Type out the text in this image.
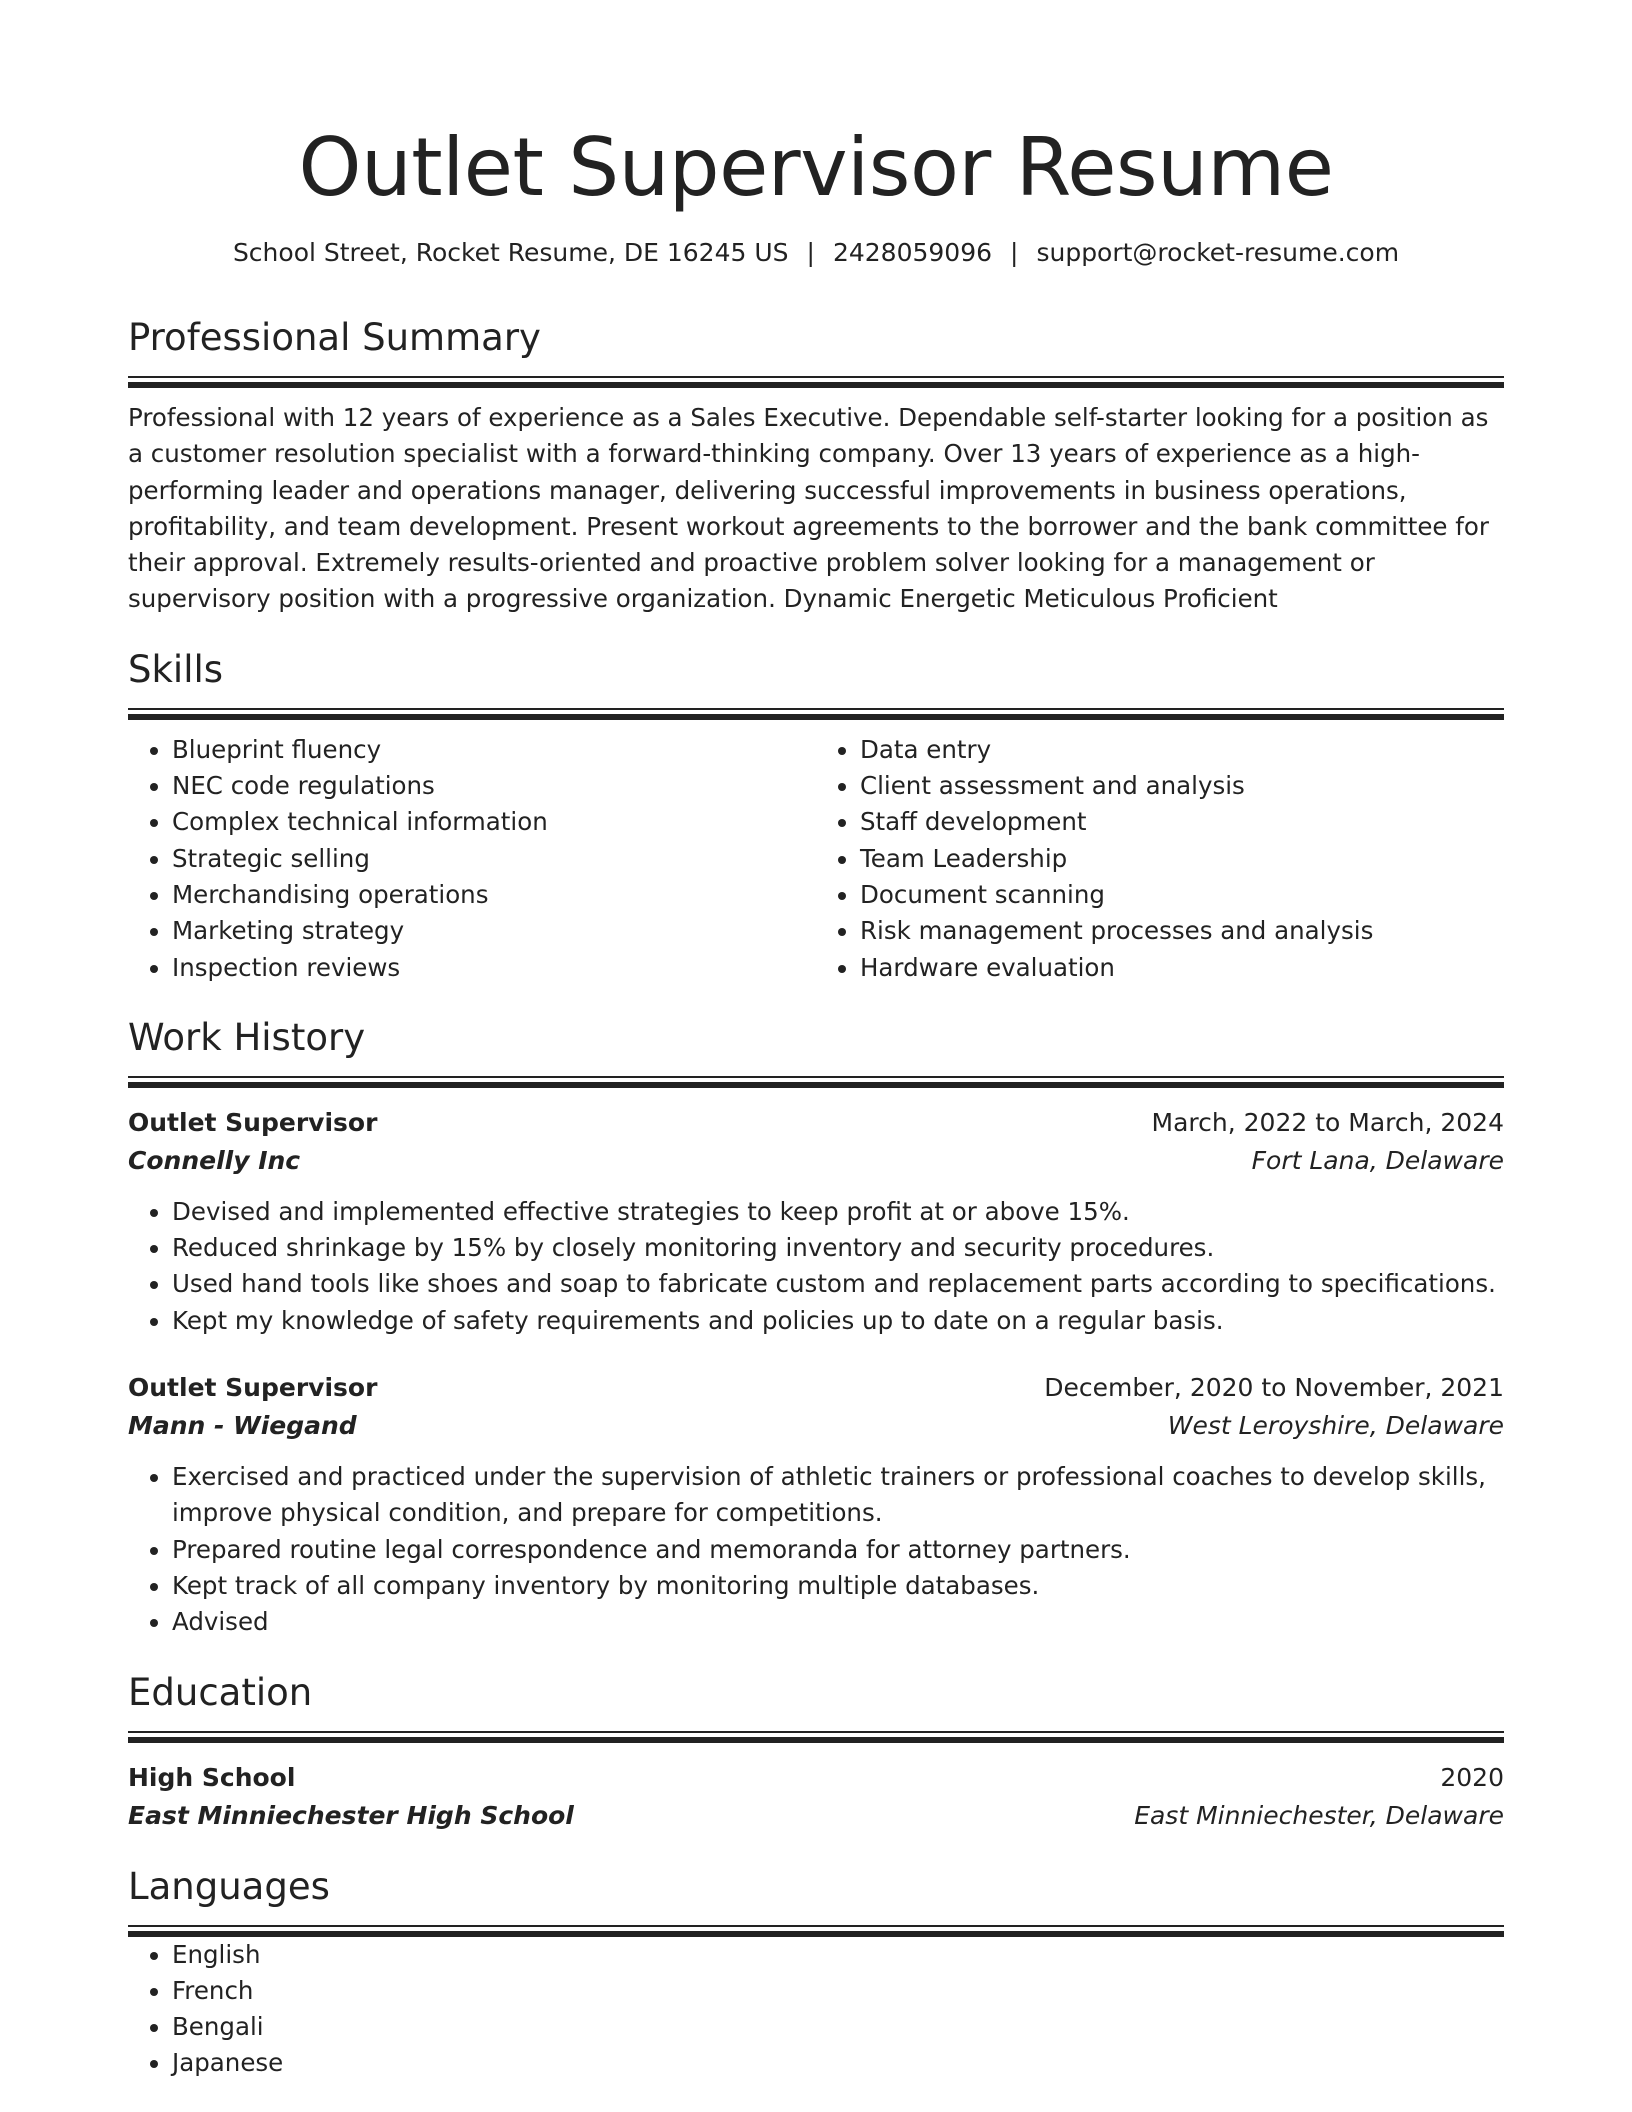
Outlet Supervisor Resume
School Street, Rocket Resume, DE 16245 US | 2428059096 | support@rocket-resume.com
Professional Summary

Professional with 12 years of experience as a Sales Executive. Dependable self-starter looking for a position as a customer resolution specialist with a forward-thinking company. Over 13 years of experience as a high-performing leader and operations manager, delivering successful improvements in business operations, profitability, and team development. Present workout agreements to the borrower and the bank committee for their approval. Extremely results-oriented and proactive problem solver looking for a management or supervisory position with a progressive organization. Dynamic Energetic Meticulous Proficient

Skills
• Blueprint fluency
• NEC code regulations
• Complex technical information
• Strategic selling
• Merchandising operations
• Marketing strategy
• Inspection reviews
• Data entry
• Client assessment and analysis
• Staff development
• Team Leadership
• Document scanning
• Risk management processes and analysis
• Hardware evaluation
Work History
Outlet Supervisor	March, 2022 to March, 2024
Connelly Inc	Fort Lana, Delaware
• Devised and implemented effective strategies to keep profit at or above 15%.
• Reduced shrinkage by 15% by closely monitoring inventory and security procedures.
• Used hand tools like shoes and soap to fabricate custom and replacement parts according to specifications.
• Kept my knowledge of safety requirements and policies up to date on a regular basis.
Outlet Supervisor	December, 2020 to November, 2021
Mann - Wiegand	West Leroyshire, Delaware
• Exercised and practiced under the supervision of athletic trainers or professional coaches to develop skills, improve physical condition, and prepare for competitions.
• Prepared routine legal correspondence and memoranda for attorney partners.
• Kept track of all company inventory by monitoring multiple databases.
• Advised
Education
High School	2020
East Minniechester High School	East Minniechester, Delaware
Languages
• English
• French
• Bengali
• Japanese
